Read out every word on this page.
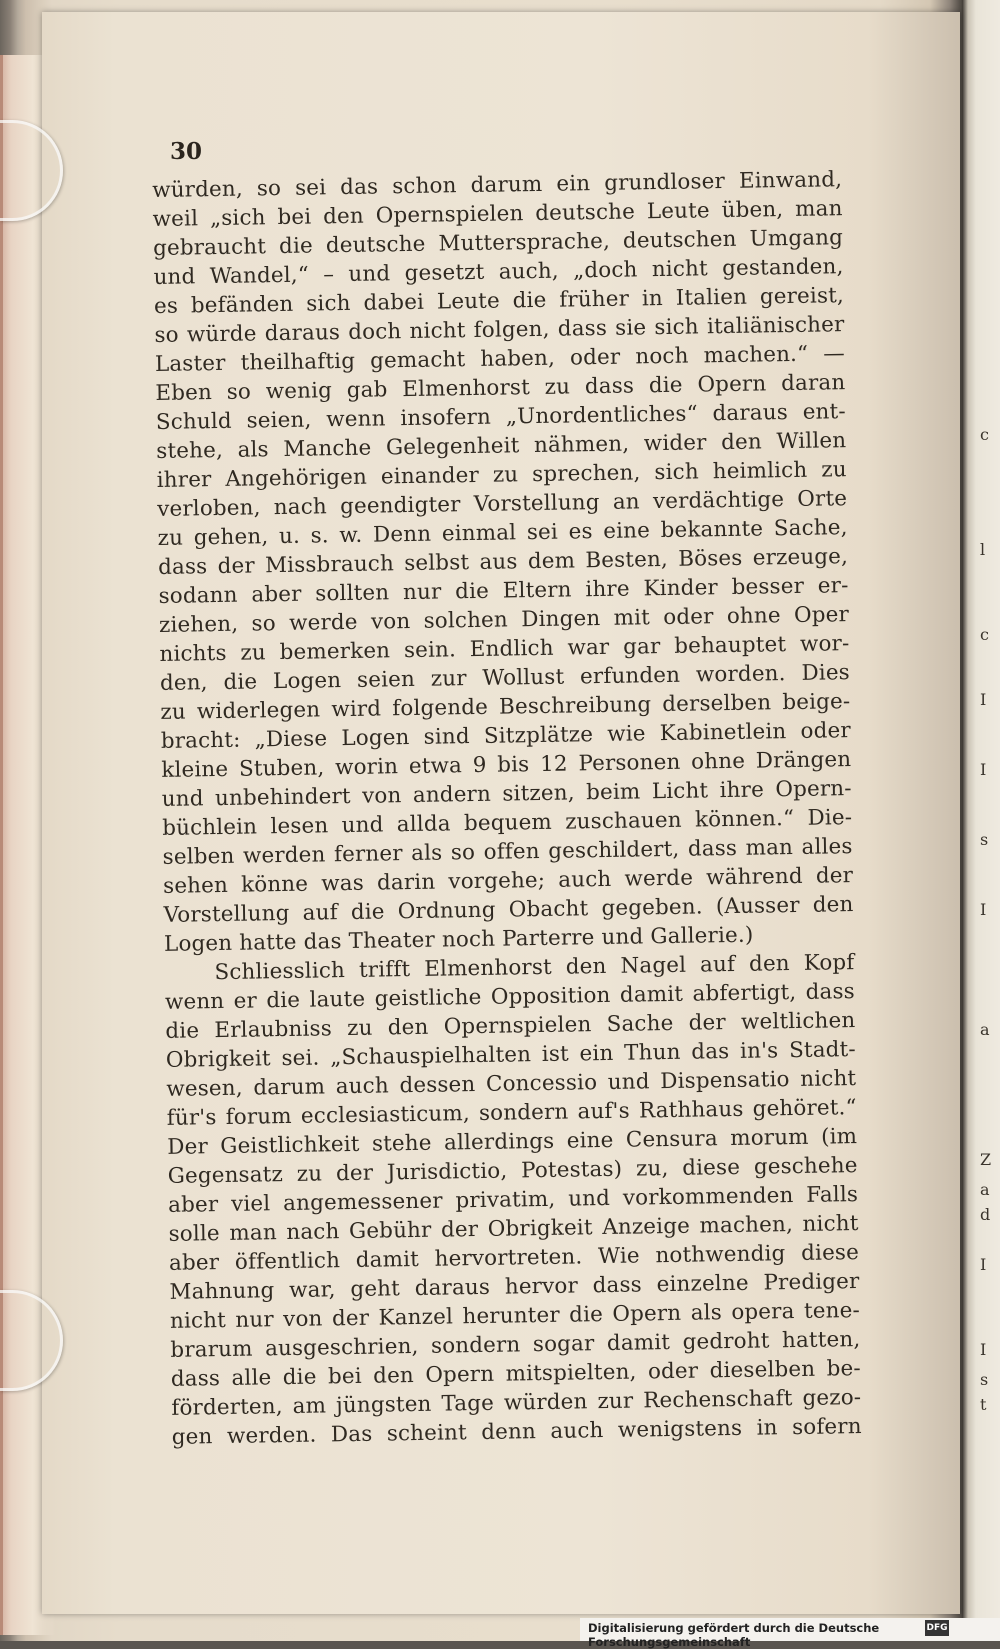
c
l
c
I
I
s
I
a
Z
a
d
I
I
s
t
30
würden, so sei das schon darum ein grundloser Einwand,
weil „sich bei den Opernspielen deutsche Leute üben, man
gebraucht die deutsche Muttersprache, deutschen Umgang
und Wandel,“ – und gesetzt auch, „doch nicht gestanden,
es befänden sich dabei Leute die früher in Italien gereist,
so würde daraus doch nicht folgen, dass sie sich italiänischer
Laster theilhaftig gemacht haben, oder noch machen.“ —
Eben so wenig gab Elmenhorst zu dass die Opern daran
Schuld seien, wenn insofern „Unordentliches“ daraus ent-
stehe, als Manche Gelegenheit nähmen, wider den Willen
ihrer Angehörigen einander zu sprechen, sich heimlich zu
verloben, nach geendigter Vorstellung an verdächtige Orte
zu gehen, u. s. w. Denn einmal sei es eine bekannte Sache,
dass der Missbrauch selbst aus dem Besten, Böses erzeuge,
sodann aber sollten nur die Eltern ihre Kinder besser er-
ziehen, so werde von solchen Dingen mit oder ohne Oper
nichts zu bemerken sein. Endlich war gar behauptet wor-
den, die Logen seien zur Wollust erfunden worden. Dies
zu widerlegen wird folgende Beschreibung derselben beige-
bracht: „Diese Logen sind Sitzplätze wie Kabinetlein oder
kleine Stuben, worin etwa 9 bis 12 Personen ohne Drängen
und unbehindert von andern sitzen, beim Licht ihre Opern-
büchlein lesen und allda bequem zuschauen können.“ Die-
selben werden ferner als so offen geschildert, dass man alles
sehen könne was darin vorgehe; auch werde während der
Vorstellung auf die Ordnung Obacht gegeben. (Ausser den
Logen hatte das Theater noch Parterre und Gallerie.)
Schliesslich trifft Elmenhorst den Nagel auf den Kopf
wenn er die laute geistliche Opposition damit abfertigt, dass
die Erlaubniss zu den Opernspielen Sache der weltlichen
Obrigkeit sei. „Schauspielhalten ist ein Thun das in's Stadt-
wesen, darum auch dessen Concessio und Dispensatio nicht
für's forum ecclesiasticum, sondern auf's Rathhaus gehöret.“
Der Geistlichkeit stehe allerdings eine Censura morum (im
Gegensatz zu der Jurisdictio, Potestas) zu, diese geschehe
aber viel angemessener privatim, und vorkommenden Falls
solle man nach Gebühr der Obrigkeit Anzeige machen, nicht
aber öffentlich damit hervortreten. Wie nothwendig diese
Mahnung war, geht daraus hervor dass einzelne Prediger
nicht nur von der Kanzel herunter die Opern als opera tene-
brarum ausgeschrien, sondern sogar damit gedroht hatten,
dass alle die bei den Opern mitspielten, oder dieselben be-
förderten, am jüngsten Tage würden zur Rechenschaft gezo-
gen werden. Das scheint denn auch wenigstens in sofern
Digitalisierung gefördert durch die Deutsche Forschungsgemeinschaft
DFG
